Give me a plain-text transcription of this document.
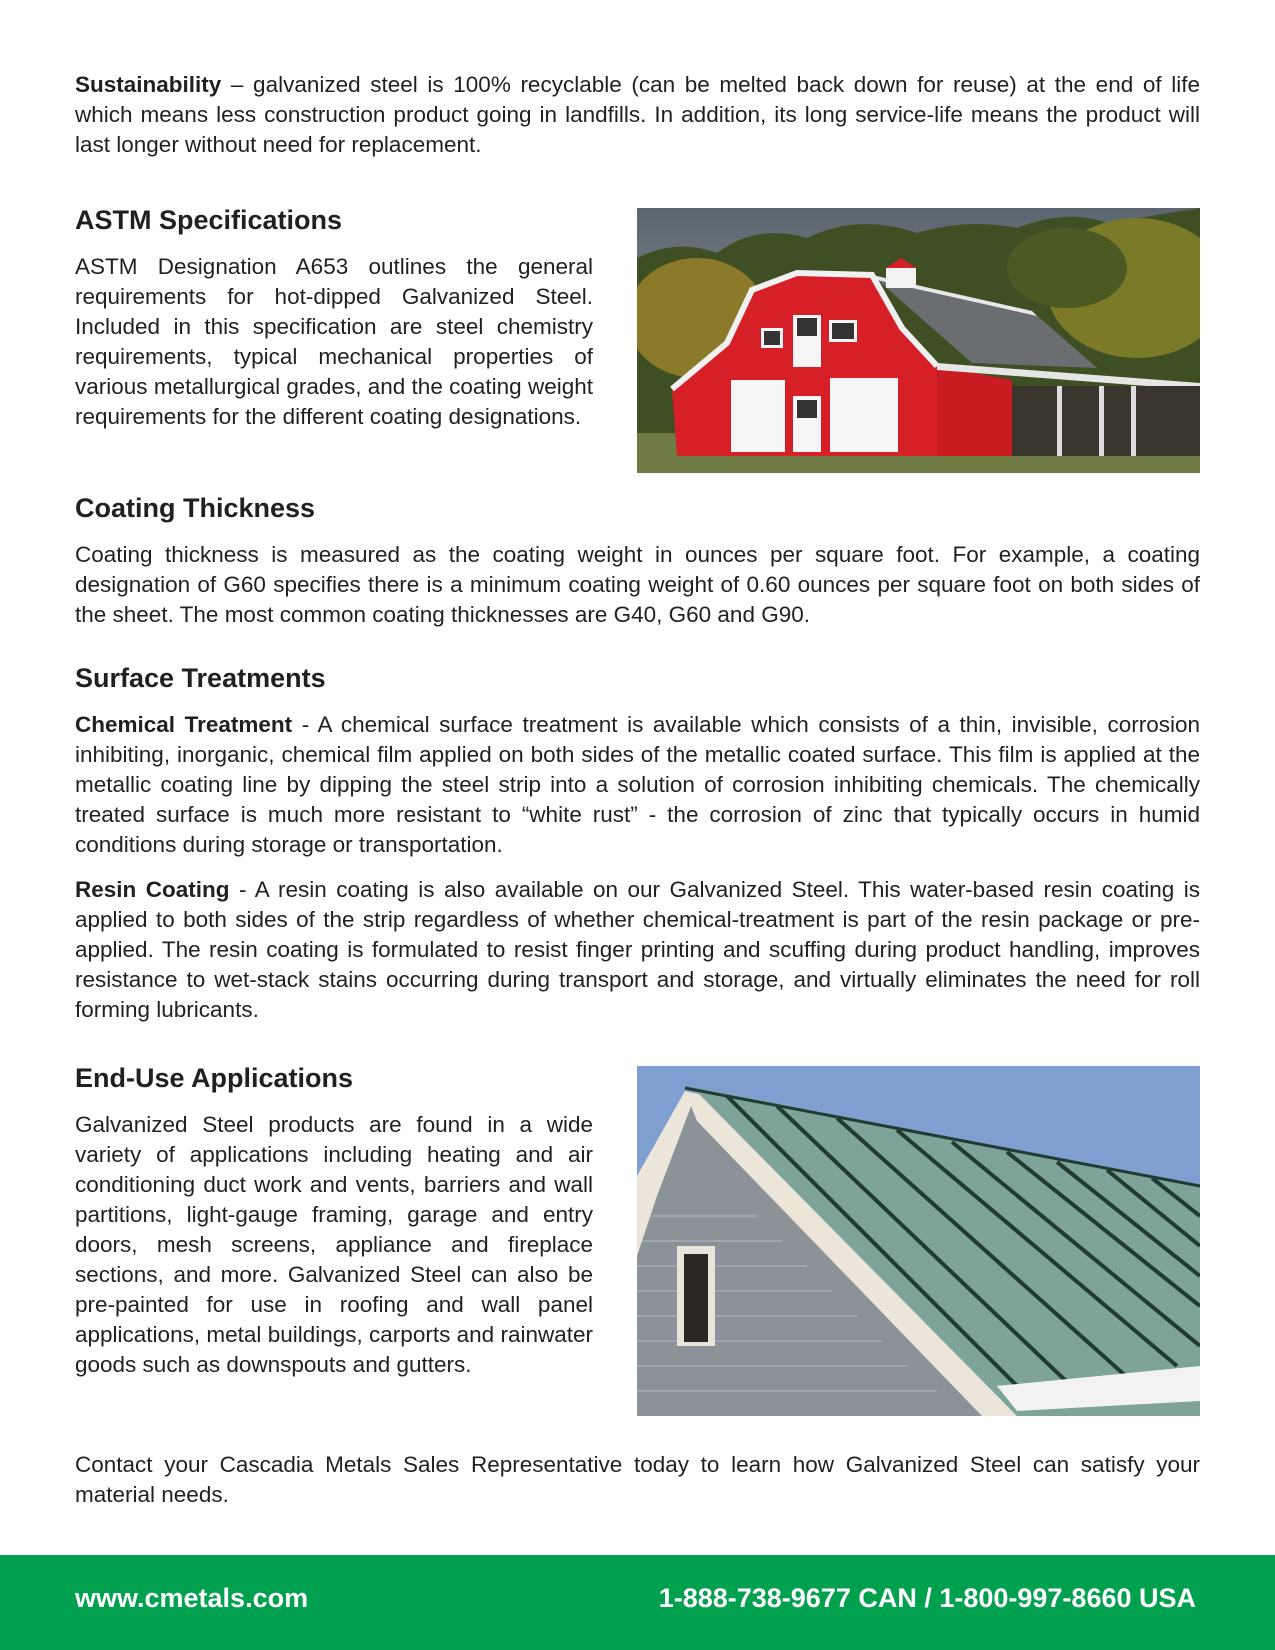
Sustainability – galvanized steel is 100% recyclable (can be melted back down for reuse) at the end of life which means less construction product going in landfills. In addition, its long service-life means the product will last longer without need for replacement.

ASTM Specifications

ASTM Designation A653 outlines the general requirements for hot-dipped Galvanized Steel. Included in this specification are steel chemistry requirements, typical mechanical properties of various metallurgical grades, and the coating weight requirements for the different coating designations.

Coating Thickness

Coating thickness is measured as the coating weight in ounces per square foot. For example, a coating designation of G60 specifies there is a minimum coating weight of 0.60 ounces per square foot on both sides of the sheet. The most common coating thicknesses are G40, G60 and G90.

Surface Treatments

Chemical Treatment - A chemical surface treatment is available which consists of a thin, invisible, corrosion inhibiting, inorganic, chemical film applied on both sides of the metallic coated surface. This film is applied at the metallic coating line by dipping the steel strip into a solution of corrosion inhibiting chemicals. The chemically treated surface is much more resistant to “white rust” - the corrosion of zinc that typically occurs in humid conditions during storage or transportation.

Resin Coating - A resin coating is also available on our Galvanized Steel. This water-based resin coating is applied to both sides of the strip regardless of whether chemical-treatment is part of the resin package or pre-applied. The resin coating is formulated to resist finger printing and scuffing during product handling, improves resistance to wet-stack stains occurring during transport and storage, and virtually eliminates the need for roll forming lubricants.

End-Use Applications

Galvanized Steel products are found in a wide variety of applications including heating and air conditioning duct work and vents, barriers and wall partitions, light-gauge framing, garage and entry doors, mesh screens, appliance and fireplace sections, and more. Galvanized Steel can also be pre-painted for use in roofing and wall panel applications, metal buildings, carports and rainwater goods such as downspouts and gutters.

Contact your Cascadia Metals Sales Representative today to learn how Galvanized Steel can satisfy your material needs.

www.cmetals.com	1-888-738-9677 CAN / 1-800-997-8660 USA
